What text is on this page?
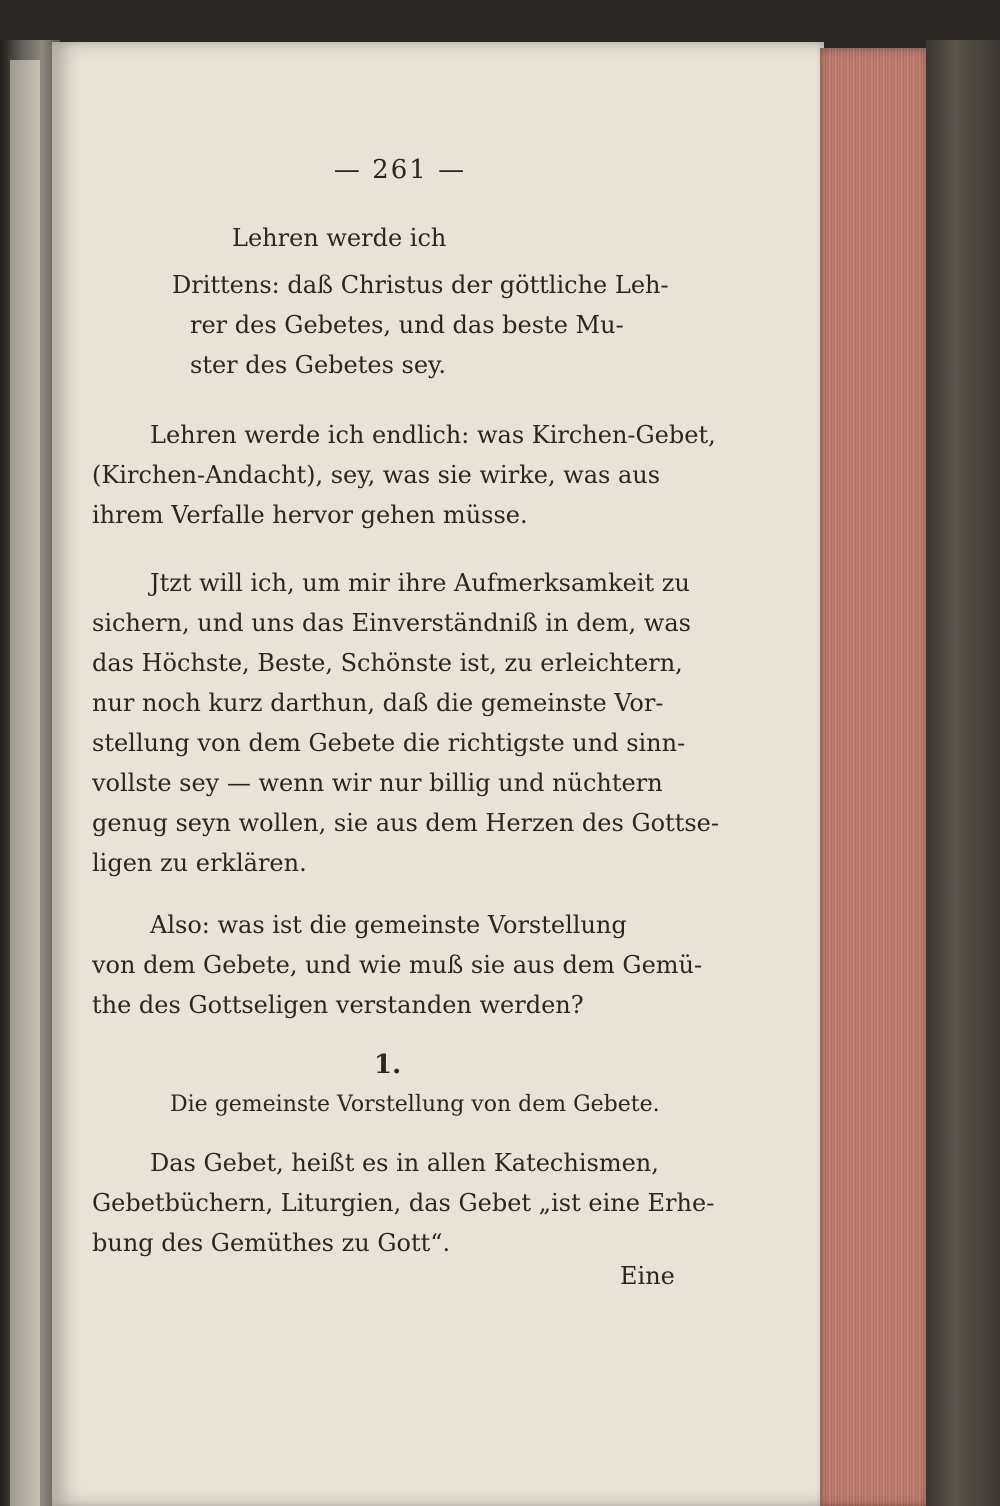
— 261 —
Lehren werde ich
Drittens: daß Christus der göttliche Leh-
rer des Gebetes, und das beste Mu-
ster des Gebetes sey.
Lehren werde ich endlich: was Kirchen-Gebet,
(Kirchen-Andacht), sey, was sie wirke, was aus
ihrem Verfalle hervor gehen müsse.
Jtzt will ich, um mir ihre Aufmerksamkeit zu
sichern, und uns das Einverständniß in dem, was
das Höchste, Beste, Schönste ist, zu erleichtern,
nur noch kurz darthun, daß die gemeinste Vor-
stellung von dem Gebete die richtigste und sinn-
vollste sey — wenn wir nur billig und nüchtern
genug seyn wollen, sie aus dem Herzen des Gottse-
ligen zu erklären.
Also: was ist die gemeinste Vorstellung
von dem Gebete, und wie muß sie aus dem Gemü-
the des Gottseligen verstanden werden?
1.
Die gemeinste Vorstellung von dem Gebete.
Das Gebet, heißt es in allen Katechismen,
Gebetbüchern, Liturgien, das Gebet „ist eine Erhe-
bung des Gemüthes zu Gott“.
Eine
